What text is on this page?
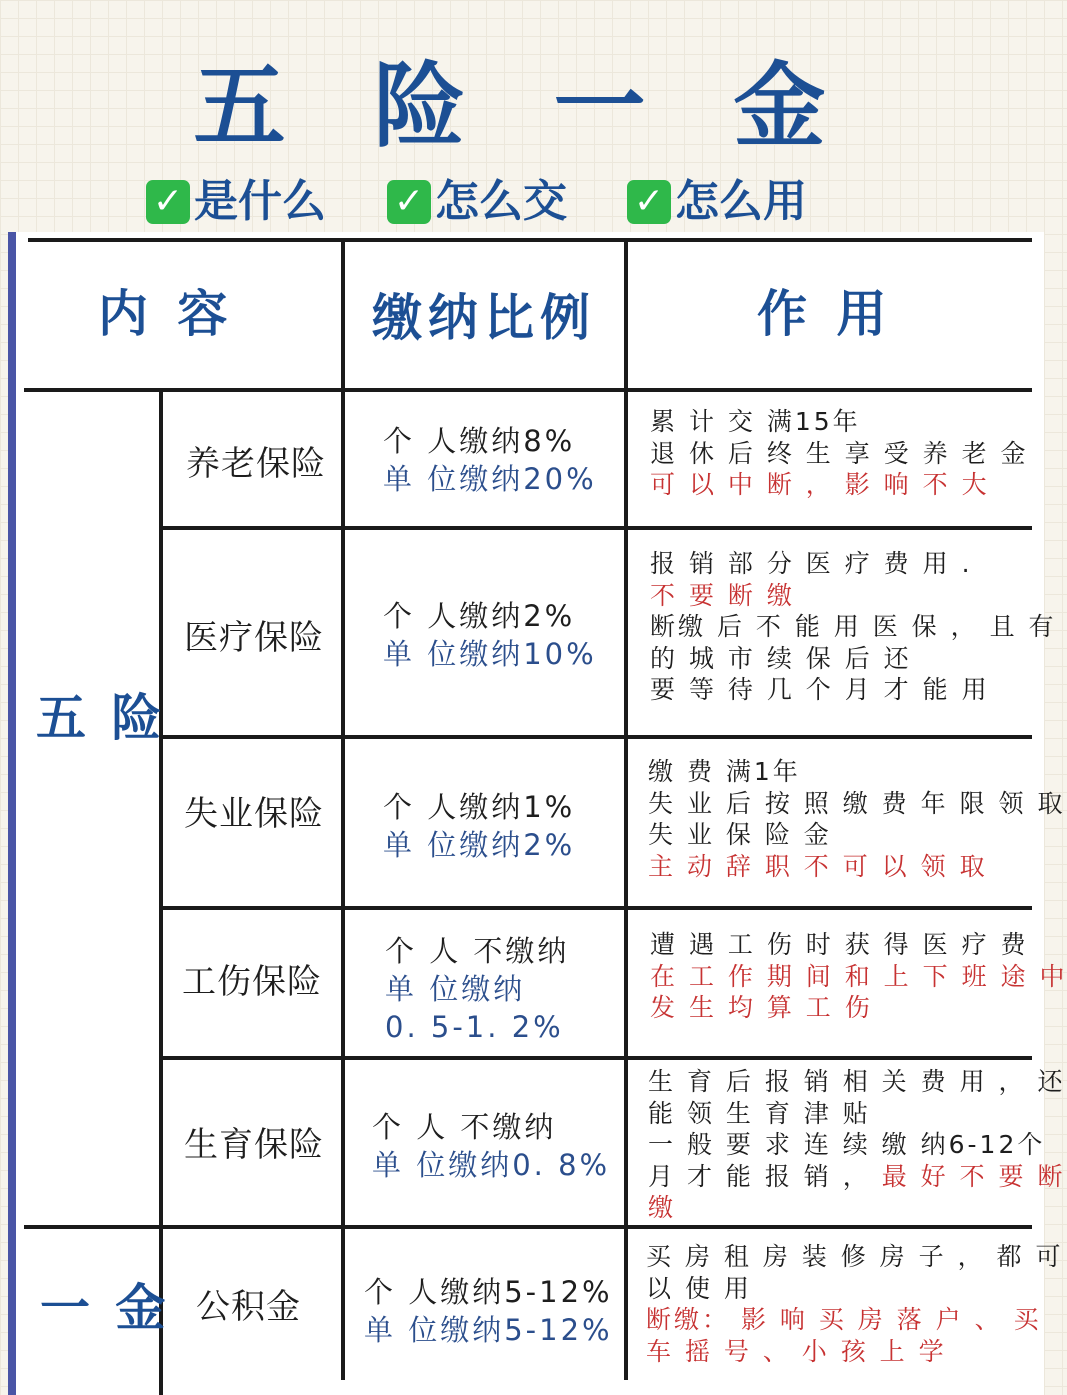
五 险 一 金
✓ 是什么 ✓ 怎么交 ✓ 怎么用
内 容	缴纳比例	作 用
五 险
一 金
养老保险
个 人缴纳8%
单 位缴纳20%
累 计 交 满15年
退 休 后 终 生 享 受 养 老 金
可 以 中 断 ， 影 响 不 大
医疗保险
个 人缴纳2%
单 位缴纳10%
报 销 部 分 医 疗 费 用 .
不 要 断 缴
断缴 后 不 能 用 医 保 ， 且 有
的 城 市 续 保 后 还
要 等 待 几 个 月 才 能 用
失业保险 个 人缴纳1%
单 位缴纳2%
缴 费 满1年
失 业 后 按 照 缴 费 年 限 领 取
失 业 保 险 金
主 动 辞 职 不 可 以 领 取
工伤保险
个 人 不缴纳
单 位缴纳
0. 5-1. 2%
遭 遇 工 伤 时 获 得 医 疗 费
在 工 作 期 间 和 上 下 班 途 中
发 生 均 算 工 伤
生育保险 个 人 不缴纳
单 位缴纳0. 8%
生 育 后 报 销 相 关 费 用 ， 还
能 领 生 育 津 贴
一 般 要 求 连 续 缴 纳6-12个
月 才 能 报 销 ， 最 好 不 要 断
缴
公积金 个 人缴纳5-12%
单 位缴纳5-12%
买 房 租 房 装 修 房 子 ， 都 可
以 使 用
断缴： 影 响 买 房 落 户 、 买
车 摇 号 、 小 孩 上 学
